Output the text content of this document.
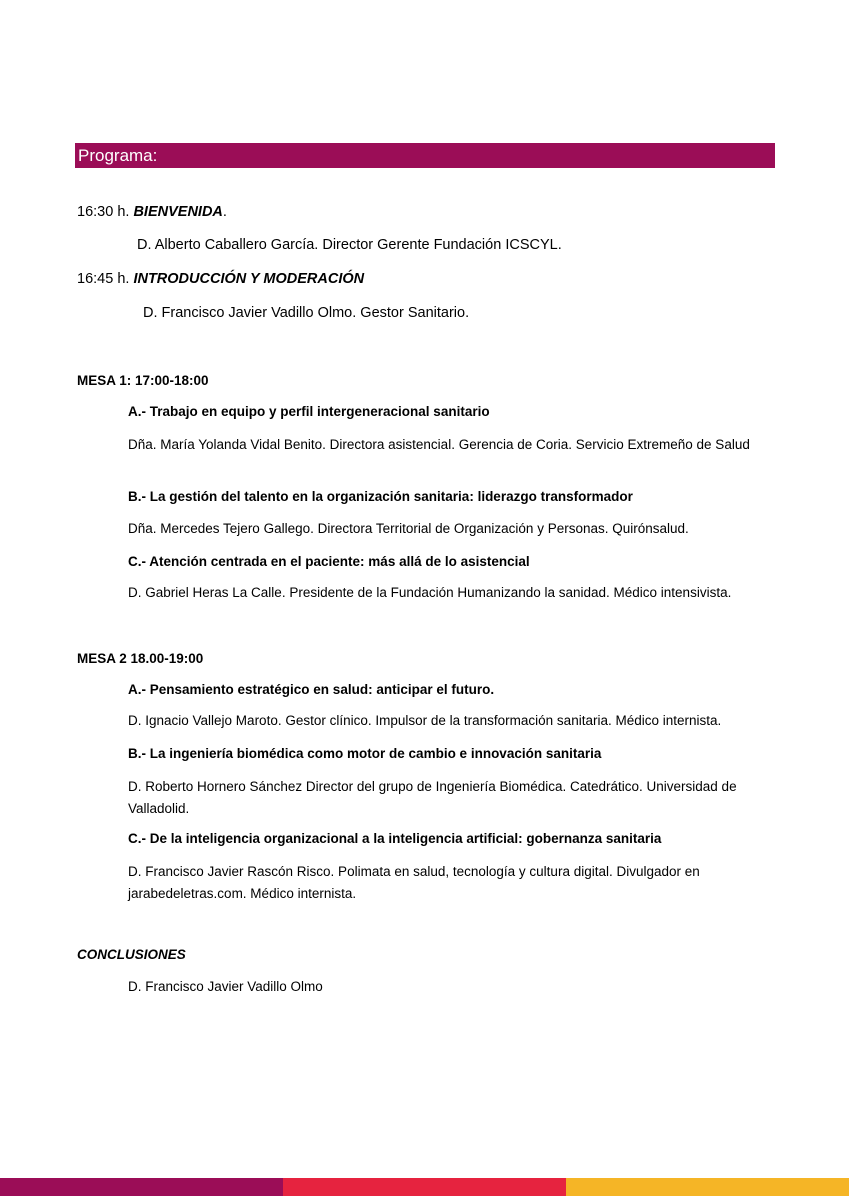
Programa:
16:30 h. BIENVENIDA.
D. Alberto Caballero García. Director Gerente Fundación ICSCYL.
16:45 h. INTRODUCCIÓN Y MODERACIÓN
D. Francisco Javier Vadillo Olmo. Gestor Sanitario.
MESA 1: 17:00-18:00
A.- Trabajo en equipo y perfil intergeneracional sanitario
Dña. María Yolanda Vidal Benito. Directora asistencial. Gerencia de Coria. Servicio Extremeño de Salud
B.- La gestión del talento en la organización sanitaria: liderazgo transformador
Dña. Mercedes Tejero Gallego. Directora Territorial de Organización y Personas. Quirónsalud.
C.- Atención centrada en el paciente: más allá de lo asistencial
D. Gabriel Heras La Calle. Presidente de la Fundación Humanizando la sanidad. Médico intensivista.
MESA 2 18.00-19:00
A.- Pensamiento estratégico en salud: anticipar el futuro.
D. Ignacio Vallejo Maroto. Gestor clínico. Impulsor de la transformación sanitaria. Médico internista.
B.- La ingeniería biomédica como motor de cambio e innovación sanitaria
D. Roberto Hornero Sánchez Director del grupo de Ingeniería Biomédica. Catedrático. Universidad de Valladolid.
C.- De la inteligencia organizacional a la inteligencia artificial: gobernanza sanitaria
D. Francisco Javier Rascón Risco. Polimata en salud, tecnología y cultura digital. Divulgador en jarabedeletras.com. Médico internista.
CONCLUSIONES
D. Francisco Javier Vadillo Olmo
